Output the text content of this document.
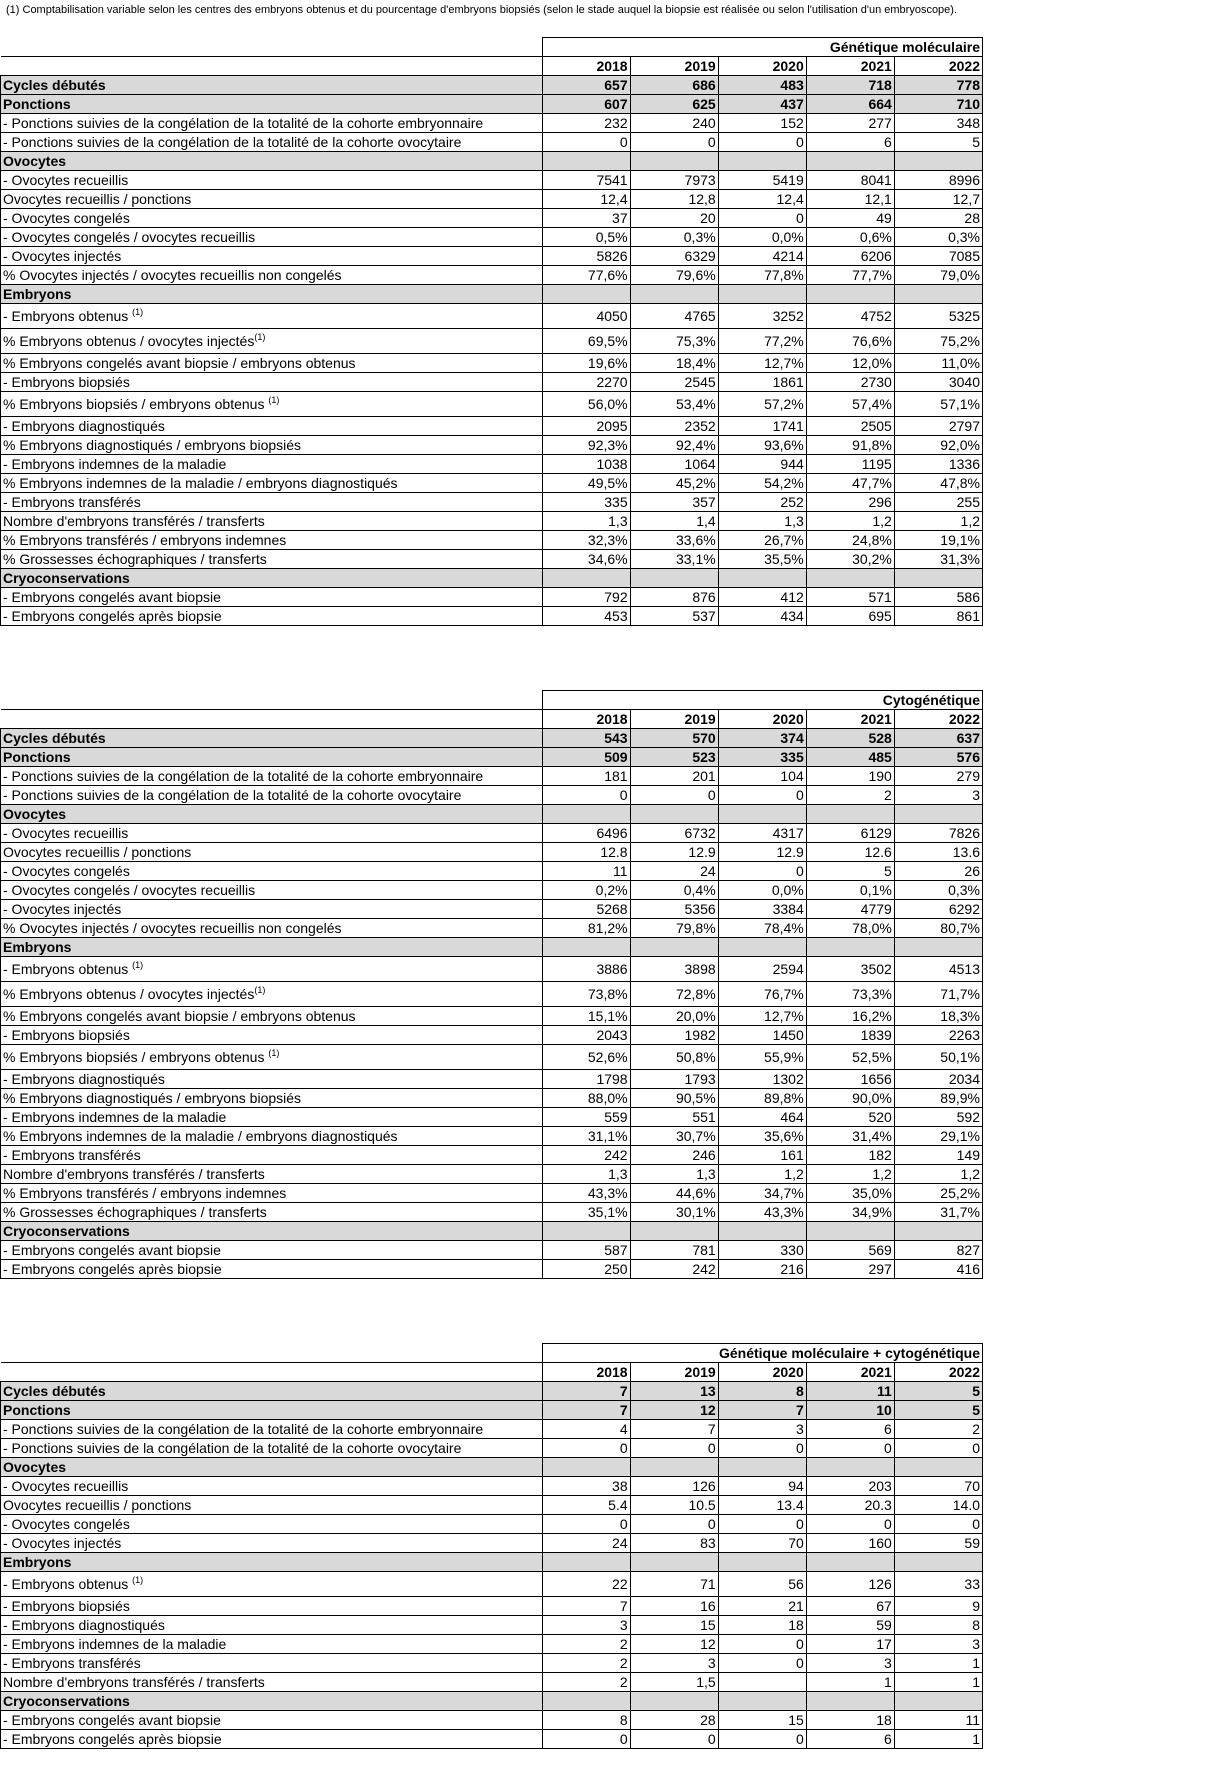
(1) Comptabilisation variable selon les centres des embryons obtenus et du pourcentage d'embryons biopsiés (selon le stade auquel la biopsie est réalisée ou selon l'utilisation d'un embryoscope).
	Génétique moléculaire				
	2018	2019	2020	2021	2022
Cycles débutés	657	686	483	718	778
Ponctions	607	625	437	664	710
- Ponctions suivies de la congélation de la totalité de la cohorte embryonnaire	232	240	152	277	348
- Ponctions suivies de la congélation de la totalité de la cohorte ovocytaire	0	0	0	6	5
Ovocytes					
- Ovocytes recueillis	7541	7973	5419	8041	8996
Ovocytes recueillis / ponctions	12,4	12,8	12,4	12,1	12,7
- Ovocytes congelés	37	20	0	49	28
- Ovocytes congelés / ovocytes recueillis	0,5%	0,3%	0,0%	0,6%	0,3%
- Ovocytes injectés	5826	6329	4214	6206	7085
% Ovocytes injectés / ovocytes recueillis non congelés	77,6%	79,6%	77,8%	77,7%	79,0%
Embryons					
- Embryons obtenus $^{(1)}$	4050	4765	3252	4752	5325
% Embryons obtenus / ovocytes injectés$^{(1)}$	69,5%	75,3%	77,2%	76,6%	75,2%
% Embryons congelés avant biopsie / embryons obtenus	19,6%	18,4%	12,7%	12,0%	11,0%
- Embryons biopsiés	2270	2545	1861	2730	3040
% Embryons biopsiés / embryons obtenus $^{(1)}$	56,0%	53,4%	57,2%	57,4%	57,1%
- Embryons diagnostiqués	2095	2352	1741	2505	2797
% Embryons diagnostiqués / embryons biopsiés	92,3%	92,4%	93,6%	91,8%	92,0%
- Embryons indemnes de la maladie	1038	1064	944	1195	1336
% Embryons indemnes de la maladie / embryons diagnostiqués	49,5%	45,2%	54,2%	47,7%	47,8%
- Embryons transférés	335	357	252	296	255
Nombre d'embryons transférés / transferts	1,3	1,4	1,3	1,2	1,2
% Embryons transférés / embryons indemnes	32,3%	33,6%	26,7%	24,8%	19,1%
% Grossesses échographiques / transferts	34,6%	33,1%	35,5%	30,2%	31,3%
Cryoconservations					
- Embryons congelés avant biopsie	792	876	412	571	586
- Embryons congelés après biopsie	453	537	434	695	861
	Cytogénétique				
	2018	2019	2020	2021	2022
Cycles débutés	543	570	374	528	637
Ponctions	509	523	335	485	576
- Ponctions suivies de la congélation de la totalité de la cohorte embryonnaire	181	201	104	190	279
- Ponctions suivies de la congélation de la totalité de la cohorte ovocytaire	0	0	0	2	3
Ovocytes					
- Ovocytes recueillis	6496	6732	4317	6129	7826
Ovocytes recueillis / ponctions	12.8	12.9	12.9	12.6	13.6
- Ovocytes congelés	11	24	0	5	26
- Ovocytes congelés / ovocytes recueillis	0,2%	0,4%	0,0%	0,1%	0,3%
- Ovocytes injectés	5268	5356	3384	4779	6292
% Ovocytes injectés / ovocytes recueillis non congelés	81,2%	79,8%	78,4%	78,0%	80,7%
Embryons					
- Embryons obtenus $^{(1)}$	3886	3898	2594	3502	4513
% Embryons obtenus / ovocytes injectés$^{(1)}$	73,8%	72,8%	76,7%	73,3%	71,7%
% Embryons congelés avant biopsie / embryons obtenus	15,1%	20,0%	12,7%	16,2%	18,3%
- Embryons biopsiés	2043	1982	1450	1839	2263
% Embryons biopsiés / embryons obtenus $^{(1)}$	52,6%	50,8%	55,9%	52,5%	50,1%
- Embryons diagnostiqués	1798	1793	1302	1656	2034
% Embryons diagnostiqués / embryons biopsiés	88,0%	90,5%	89,8%	90,0%	89,9%
- Embryons indemnes de la maladie	559	551	464	520	592
% Embryons indemnes de la maladie / embryons diagnostiqués	31,1%	30,7%	35,6%	31,4%	29,1%
- Embryons transférés	242	246	161	182	149
Nombre d'embryons transférés / transferts	1,3	1,3	1,2	1,2	1,2
% Embryons transférés / embryons indemnes	43,3%	44,6%	34,7%	35,0%	25,2%
% Grossesses échographiques / transferts	35,1%	30,1%	43,3%	34,9%	31,7%
Cryoconservations					
- Embryons congelés avant biopsie	587	781	330	569	827
- Embryons congelés après biopsie	250	242	216	297	416
	Génétique moléculaire + cytogénétique				
	2018	2019	2020	2021	2022
Cycles débutés	7	13	8	11	5
Ponctions	7	12	7	10	5
- Ponctions suivies de la congélation de la totalité de la cohorte embryonnaire	4	7	3	6	2
- Ponctions suivies de la congélation de la totalité de la cohorte ovocytaire	0	0	0	0	0
Ovocytes					
- Ovocytes recueillis	38	126	94	203	70
Ovocytes recueillis / ponctions	5.4	10.5	13.4	20.3	14.0
- Ovocytes congelés	0	0	0	0	0
- Ovocytes injectés	24	83	70	160	59
Embryons					
- Embryons obtenus $^{(1)}$	22	71	56	126	33
- Embryons biopsiés	7	16	21	67	9
- Embryons diagnostiqués	3	15	18	59	8
- Embryons indemnes de la maladie	2	12	0	17	3
- Embryons transférés	2	3	0	3	1
Nombre d'embryons transférés / transferts	2	1,5		1	1
Cryoconservations					
- Embryons congelés avant biopsie	8	28	15	18	11
- Embryons congelés après biopsie	0	0	0	6	1
